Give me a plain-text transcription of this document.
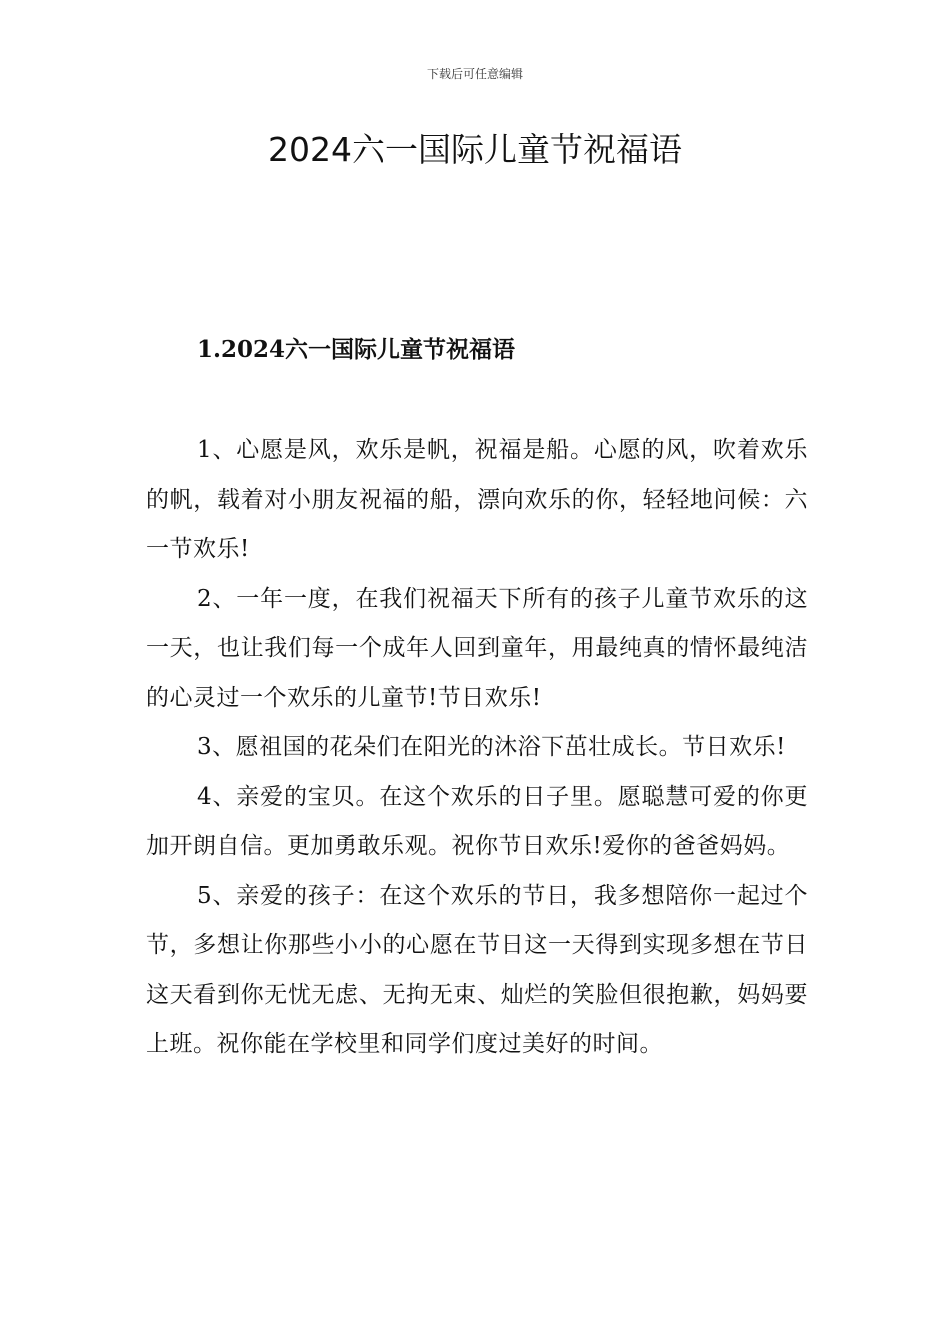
下载后可任意编辑
2024六一国际儿童节祝福语
1.2024六一国际儿童节祝福语

1、心愿是风，欢乐是帆，祝福是船。心愿的风，吹着欢乐的帆，载着对小朋友祝福的船，漂向欢乐的你，轻轻地问候：六一节欢乐!

2、一年一度，在我们祝福天下所有的孩子儿童节欢乐的这一天，也让我们每一个成年人回到童年，用最纯真的情怀最纯洁的心灵过一个欢乐的儿童节!节日欢乐!

3、愿祖国的花朵们在阳光的沐浴下茁壮成长。节日欢乐!

4、亲爱的宝贝。在这个欢乐的日子里。愿聪慧可爱的你更加开朗自信。更加勇敢乐观。祝你节日欢乐!爱你的爸爸妈妈。

5、亲爱的孩子：在这个欢乐的节日，我多想陪你一起过个节，多想让你那些小小的心愿在节日这一天得到实现多想在节日这天看到你无忧无虑、无拘无束、灿烂的笑脸但很抱歉，妈妈要上班。祝你能在学校里和同学们度过美好的时间。
